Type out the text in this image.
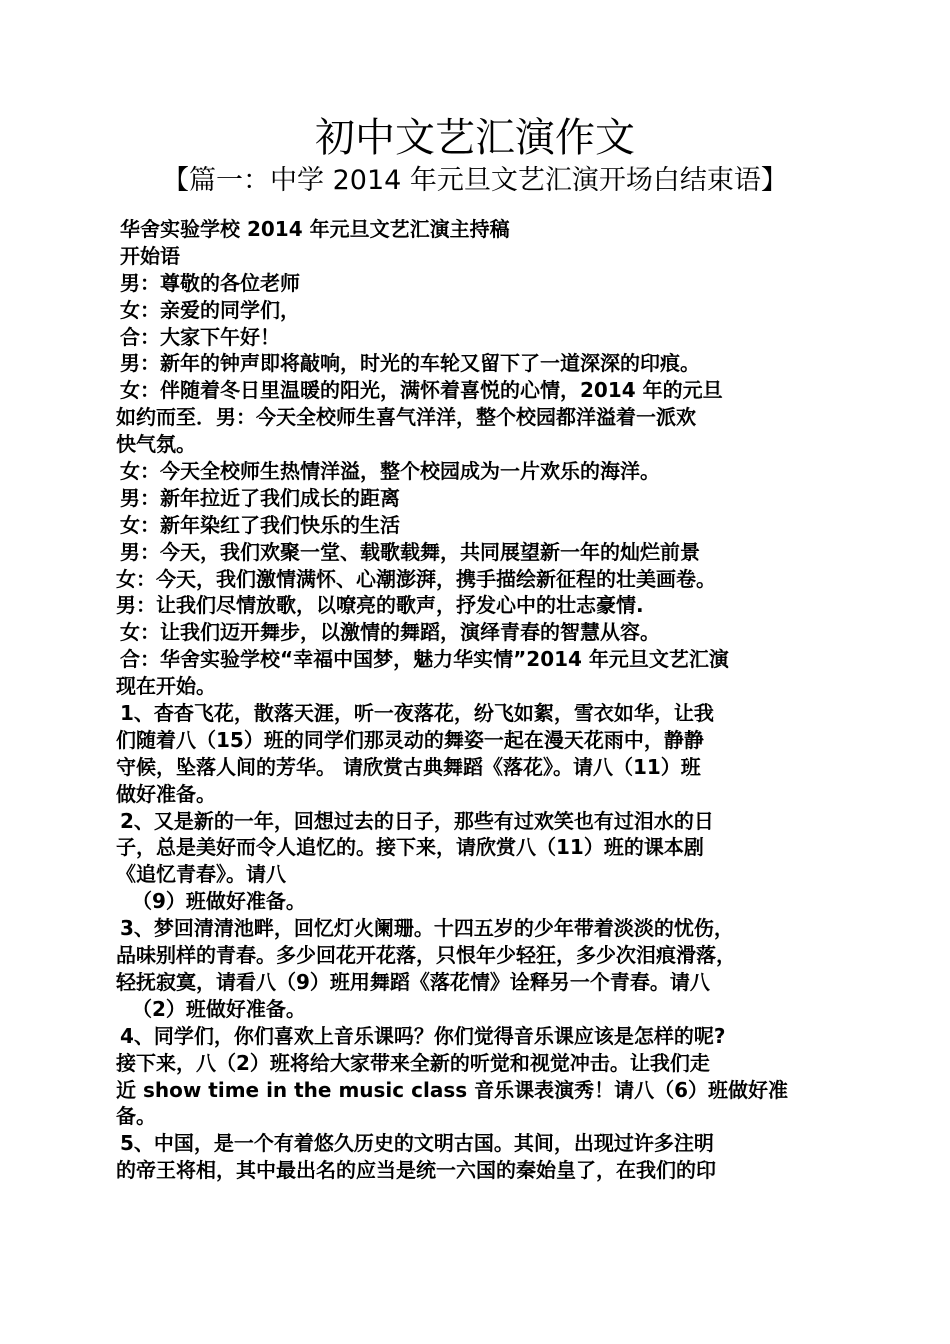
初中文艺汇演作文
【篇一：中学 2014 年元旦文艺汇演开场白结束语】
华舍实验学校 2014 年元旦文艺汇演主持稿
开始语
男：尊敬的各位老师
女：亲爱的同学们，
合：大家下午好！
男：新年的钟声即将敲响，时光的车轮又留下了一道深深的印痕。
女：伴随着冬日里温暖的阳光，满怀着喜悦的心情，2014 年的元旦
如约而至．男：今天全校师生喜气洋洋，整个校园都洋溢着一派欢
快气氛。
女：今天全校师生热情洋溢，整个校园成为一片欢乐的海洋。
男：新年拉近了我们成长的距离
女：新年染红了我们快乐的生活
男：今天，我们欢聚一堂、载歌载舞，共同展望新一年的灿烂前景
女：今天，我们激情满怀、心潮澎湃，携手描绘新征程的壮美画卷。
男：让我们尽情放歌，以嘹亮的歌声，抒发心中的壮志豪情.
女：让我们迈开舞步，以激情的舞蹈，演绎青春的智慧从容。
合：华舍实验学校“幸福中国梦，魅力华实情”2014 年元旦文艺汇演
现在开始。
1、杳杳飞花，散落天涯，听一夜落花，纷飞如絮，雪衣如华，让我
们随着八（15）班的同学们那灵动的舞姿一起在漫天花雨中，静静
守候，坠落人间的芳华。 请欣赏古典舞蹈《落花》。请八（11）班
做好准备。
2、又是新的一年，回想过去的日子，那些有过欢笑也有过泪水的日
子，总是美好而令人追忆的。接下来，请欣赏八（11）班的课本剧
《追忆青春》。请八
（9）班做好准备。
3、梦回清清池畔，回忆灯火阑珊。十四五岁的少年带着淡淡的忧伤，
品味别样的青春。多少回花开花落，只恨年少轻狂，多少次泪痕滑落，
轻抚寂寞，请看八（9）班用舞蹈《落花情》诠释另一个青春。请八
（2）班做好准备。
4、同学们，你们喜欢上音乐课吗？你们觉得音乐课应该是怎样的呢?
接下来，八（2）班将给大家带来全新的听觉和视觉冲击。让我们走
近 show time in the music class 音乐课表演秀！请八（6）班做好准
备。
5、中国，是一个有着悠久历史的文明古国。其间，出现过许多注明
的帝王将相，其中最出名的应当是统一六国的秦始皇了，在我们的印
